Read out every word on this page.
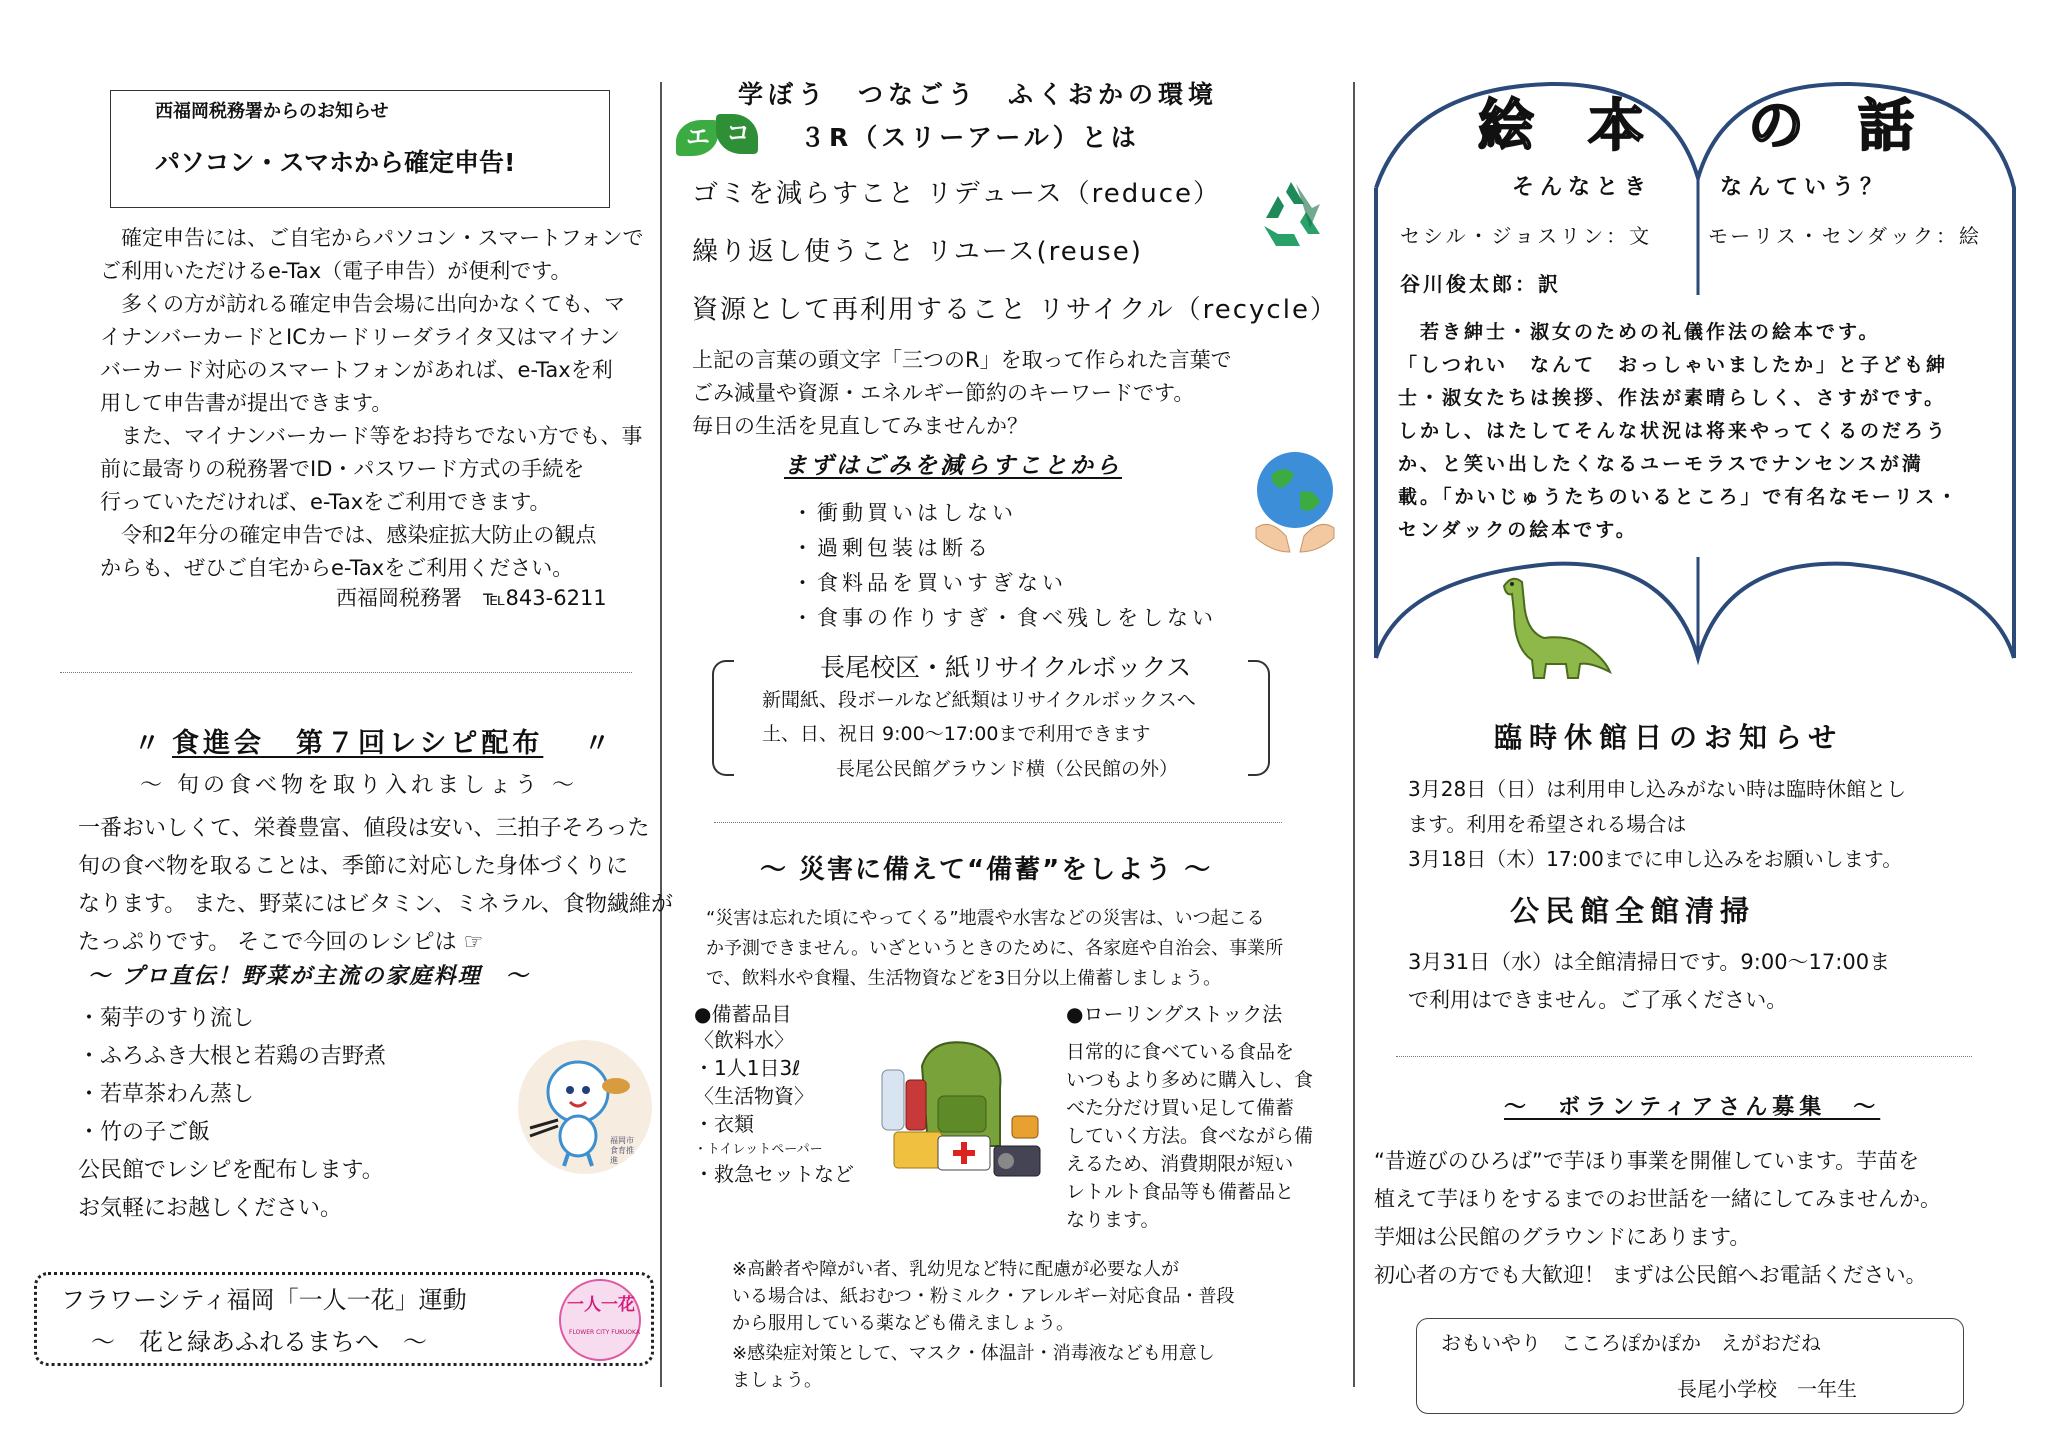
西福岡税務署からのお知らせ
パソコン・スマホから確定申告!
　確定申告には、ご自宅からパソコン・スマートフォンで
ご利用いただけるe-Tax（電子申告）が便利です。
　多くの方が訪れる確定申告会場に出向かなくても、マ
イナンバーカードとICカードリーダライタ又はマイナン
バーカード対応のスマートフォンがあれば、e-Taxを利
用して申告書が提出できます。
　また、マイナンバーカード等をお持ちでない方でも、事
前に最寄りの税務署でID・パスワード方式の手続を
行っていただければ、e-Taxをご利用できます。
　令和2年分の確定申告では、感染症拡大防止の観点
からも、ぜひご自宅からe-Taxをご利用ください。
西福岡税務署　℡843-6211
〃 食進会　第７回レシピ配布 〃
～ 旬の食べ物を取り入れましょう ～
一番おいしくて、栄養豊富、値段は安い、三拍子そろった
旬の食べ物を取ることは、季節に対応した身体づくりに
なります。 また、野菜にはビタミン、ミネラル、食物繊維が
たっぷりです。 そこで今回のレシピは ☞
～ プロ直伝！野菜が主流の家庭料理　～
・菊芋のすり流し
・ふろふき大根と若鶏の吉野煮
・若草茶わん蒸し
・竹の子ご飯
公民館でレシピを配布します。
お気軽にお越しください。
福岡市食育推進
フラワーシティ福岡「一人一花」運動
～　花と緑あふれるまちへ　～
一人一花
FLOWER CITY FUKUOKA
学ぼう　つなごう　ふくおかの環境
エ コ ３R（スリーアール）とは
ゴミを減らすこと リデュース（reduce）
繰り返し使うこと リユース(reuse)
資源として再利用すること リサイクル（recycle）
上記の言葉の頭文字「三つのR」を取って作られた言葉で
ごみ減量や資源・エネルギー節約のキーワードです。
毎日の生活を見直してみませんか？
まずはごみを減らすことから
・衝動買いはしない
・過剰包装は断る
・食料品を買いすぎない
・食事の作りすぎ・食べ残しをしない
長尾校区・紙リサイクルボックス
新聞紙、段ボールなど紙類はリサイクルボックスへ
土、日、祝日 9:00～17:00まで利用できます
長尾公民館グラウンド横（公民館の外）
～ 災害に備えて“備蓄”をしよう ～
“災害は忘れた頃にやってくる”地震や水害などの災害は、いつ起こる
か予測できません。いざというときのために、各家庭や自治会、事業所
で、飲料水や食糧、生活物資などを3日分以上備蓄しましょう。
●備蓄品目
〈飲料水〉
・1人1日3ℓ
〈生活物資〉
・衣類
・トイレットペーパー
・救急セットなど
●ローリングストック法
日常的に食べている食品を
いつもより多めに購入し、食
べた分だけ買い足して備蓄
していく方法。食べながら備
えるため、消費期限が短い
レトルト食品等も備蓄品と
なります。
※高齢者や障がい者、乳幼児など特に配慮が必要な人が
いる場合は、紙おむつ・粉ミルク・アレルギー対応食品・普段
から服用している薬なども備えましょう。
※感染症対策として、マスク・体温計・消毒液なども用意し
ましょう。
絵 本 の 話
そんなとき	なんていう？
セシル・ジョスリン：文	モーリス・センダック：絵
谷川俊太郎：訳
　若き紳士・淑女のための礼儀作法の絵本です。
「しつれい　なんて　おっしゃいましたか」と子ども紳
士・淑女たちは挨拶、作法が素晴らしく、さすがです。
しかし、はたしてそんな状況は将来やってくるのだろう
か、と笑い出したくなるユーモラスでナンセンスが満
載。「かいじゅうたちのいるところ」で有名なモーリス・
センダックの絵本です。
臨時休館日のお知らせ
3月28日（日）は利用申し込みがない時は臨時休館とし
ます。利用を希望される場合は
3月18日（木）17:00までに申し込みをお願いします。
公民館全館清掃
3月31日（水）は全館清掃日です。9:00～17:00ま
で利用はできません。ご了承ください。
～　ボランティアさん募集　～
“昔遊びのひろば”で芋ほり事業を開催しています。芋苗を
植えて芋ほりをするまでのお世話を一緒にしてみませんか。
芋畑は公民館のグラウンドにあります。
初心者の方でも大歓迎！ まずは公民館へお電話ください。
おもいやり　こころぽかぽか　えがおだね
長尾小学校　一年生
